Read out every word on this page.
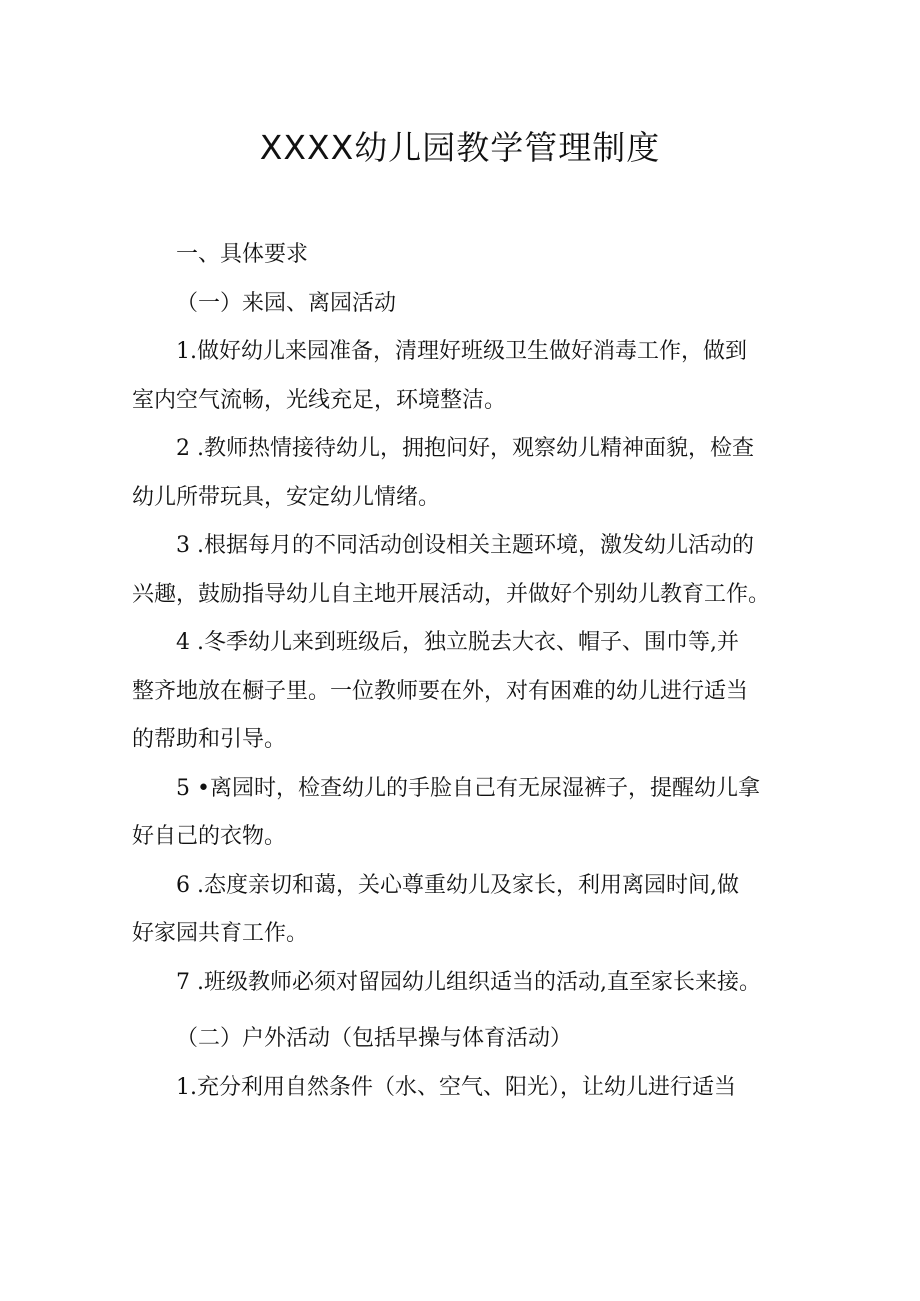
XXXX幼儿园教学管理制度
一、具体要求
（一）来园、离园活动
1.做好幼儿来园准备，清理好班级卫生做好消毒工作，做到
室内空气流畅，光线充足，环境整洁。
2 .教师热情接待幼儿，拥抱问好，观察幼儿精神面貌，检查
幼儿所带玩具，安定幼儿情绪。
3 .根据每月的不同活动创设相关主题环境，激发幼儿活动的
兴趣，鼓励指导幼儿自主地开展活动，并做好个别幼儿教育工作。
4 .冬季幼儿来到班级后，独立脱去大衣、帽子、围巾等,并
整齐地放在橱子里。一位教师要在外，对有困难的幼儿进行适当
的帮助和引导。
5 •离园时，检查幼儿的手脸自己有无尿湿裤子，提醒幼儿拿
好自己的衣物。
6 .态度亲切和蔼，关心尊重幼儿及家长，利用离园时间,做
好家园共育工作。
7 .班级教师必须对留园幼儿组织适当的活动,直至家长来接。
（二）户外活动（包括早操与体育活动）
1.充分利用自然条件（水、空气、阳光），让幼儿进行适当
